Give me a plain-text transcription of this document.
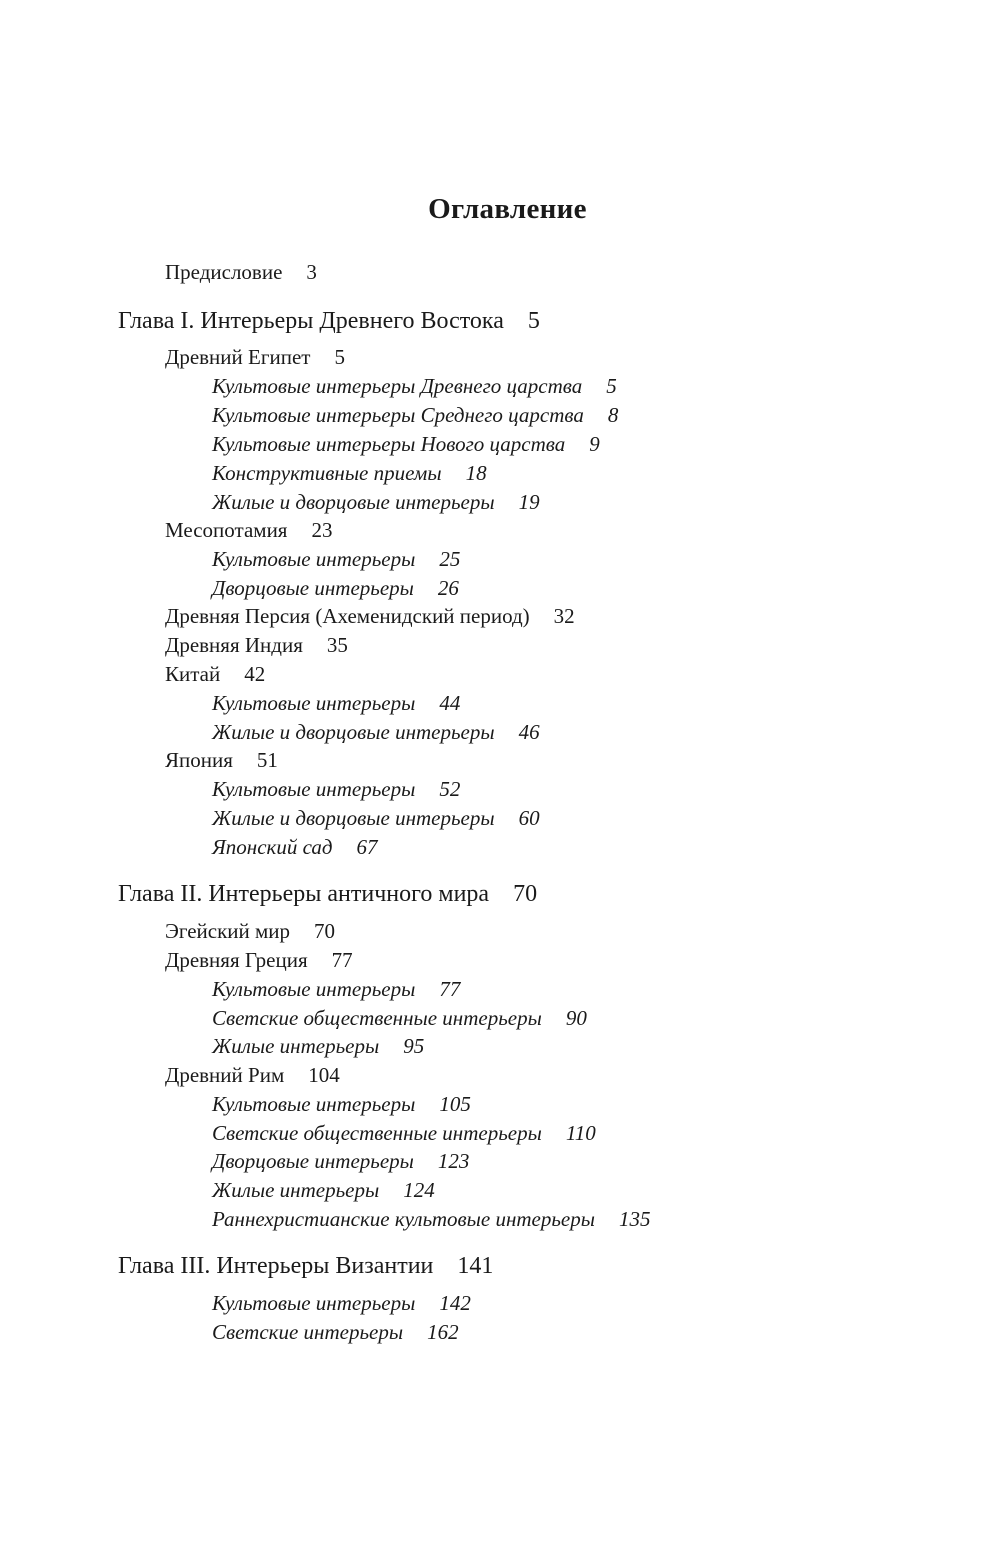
Оглавление
Предисловие 3
Глава I. Интерьеры Древнего Востока 5
Древний Египет 5
Культовые интерьеры Древнего царства 5
Культовые интерьеры Среднего царства 8
Культовые интерьеры Нового царства 9
Конструктивные приемы 18
Жилые и дворцовые интерьеры 19
Месопотамия 23
Культовые интерьеры 25
Дворцовые интерьеры 26
Древняя Персия (Ахеменидский период) 32
Древняя Индия 35
Китай 42
Культовые интерьеры 44
Жилые и дворцовые интерьеры 46
Япония 51
Культовые интерьеры 52
Жилые и дворцовые интерьеры 60
Японский сад 67
Глава II. Интерьеры античного мира 70
Эгейский мир 70
Древняя Греция 77
Культовые интерьеры 77
Светские общественные интерьеры 90
Жилые интерьеры 95
Древний Рим 104
Культовые интерьеры 105
Светские общественные интерьеры 110
Дворцовые интерьеры 123
Жилые интерьеры 124
Раннехристианские культовые интерьеры 135
Глава III. Интерьеры Византии 141
Культовые интерьеры 142
Светские интерьеры 162
